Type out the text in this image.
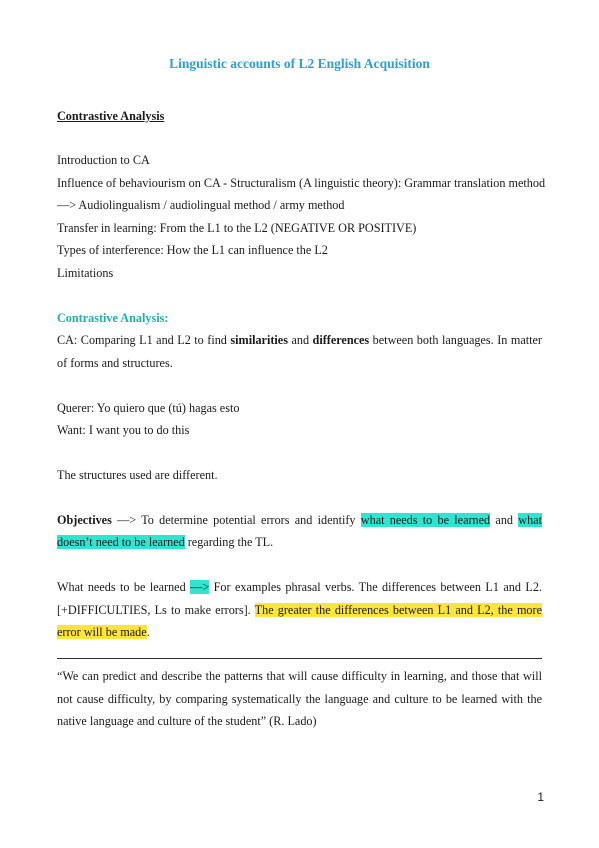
Linguistic accounts of L2 English Acquisition
Contrastive Analysis
Introduction to CA
Influence of behaviourism on CA - Structuralism (A linguistic theory): Grammar translation method
—> Audiolingualism / audiolingual method / army method
Transfer in learning: From the L1 to the L2 (NEGATIVE OR POSITIVE)
Types of interference: How the L1 can influence the L2
Limitations
Contrastive Analysis:
CA: Comparing L1 and L2 to find similarities and differences between both languages. In matter
of forms and structures.
Querer: Yo quiero que (tú) hagas esto
Want: I want you to do this
The structures used are different.
Objectives —> To determine potential errors and identify what needs to be learned and what
doesn’t need to be learned regarding the TL.
What needs to be learned —> For examples phrasal verbs. The differences between L1 and L2.
[+DIFFICULTIES, Ls to make errors]. The greater the differences between L1 and L2, the more
error will be made.
“We can predict and describe the patterns that will cause difficulty in learning, and those that will
not cause difficulty, by comparing systematically the language and culture to be learned with the
native language and culture of the student” (R. Lado)
1
